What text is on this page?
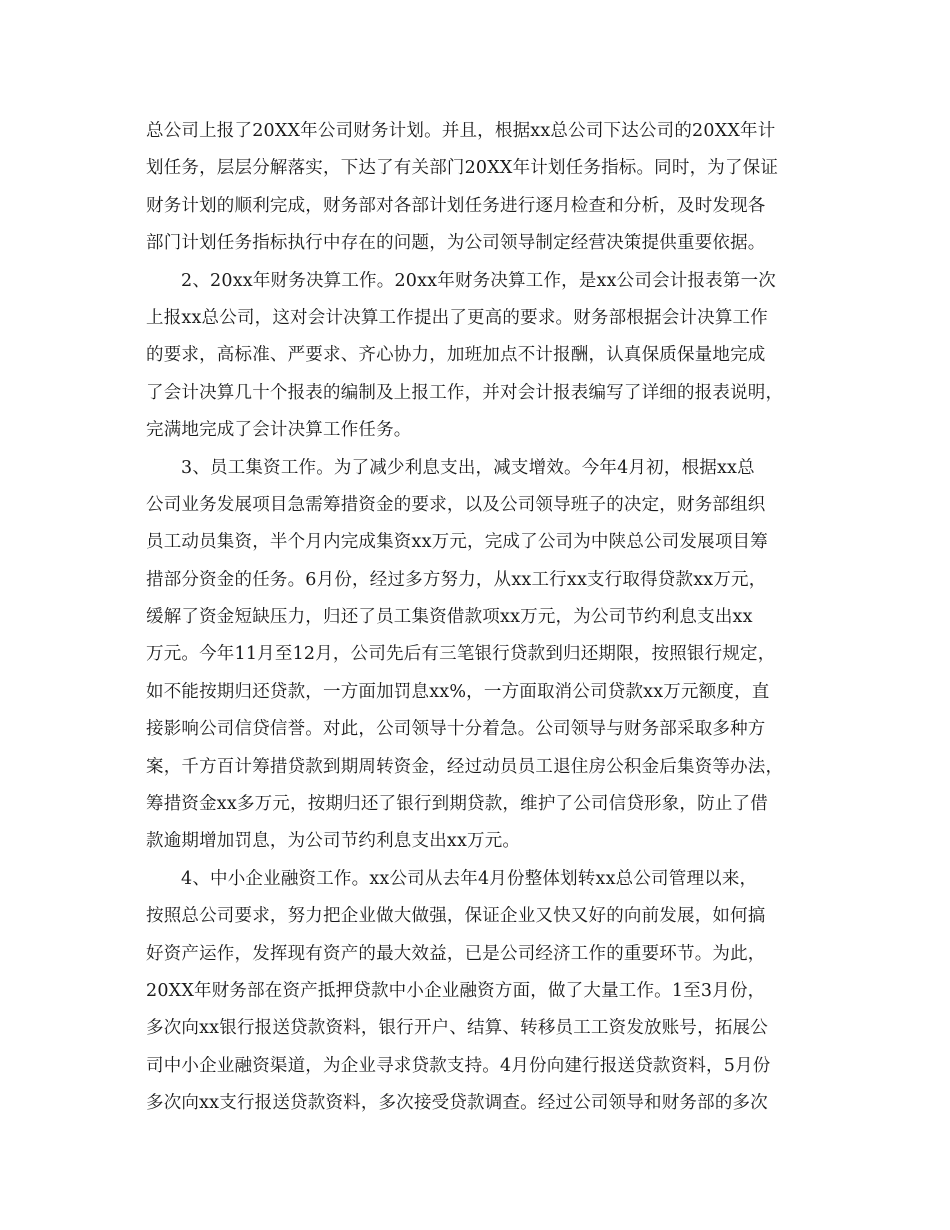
总公司上报了20XX年公司财务计划。并且，根据xx总公司下达公司的20XX年计
划任务，层层分解落实，下达了有关部门20XX年计划任务指标。同时，为了保证
财务计划的顺利完成，财务部对各部计划任务进行逐月检查和分析，及时发现各
部门计划任务指标执行中存在的问题，为公司领导制定经营决策提供重要依据。
2、20xx年财务决算工作。20xx年财务决算工作，是xx公司会计报表第一次
上报xx总公司，这对会计决算工作提出了更高的要求。财务部根据会计决算工作
的要求，高标准、严要求、齐心协力，加班加点不计报酬，认真保质保量地完成
了会计决算几十个报表的编制及上报工作，并对会计报表编写了详细的报表说明，
完满地完成了会计决算工作任务。
3、员工集资工作。为了减少利息支出，减支增效。今年4月初，根据xx总
公司业务发展项目急需筹措资金的要求，以及公司领导班子的决定，财务部组织
员工动员集资，半个月内完成集资xx万元，完成了公司为中陕总公司发展项目筹
措部分资金的任务。6月份，经过多方努力，从xx工行xx支行取得贷款xx万元，
缓解了资金短缺压力，归还了员工集资借款项xx万元，为公司节约利息支出xx
万元。今年11月至12月，公司先后有三笔银行贷款到归还期限，按照银行规定，
如不能按期归还贷款，一方面加罚息xx%，一方面取消公司贷款xx万元额度，直
接影响公司信贷信誉。对此，公司领导十分着急。公司领导与财务部采取多种方
案，千方百计筹措贷款到期周转资金，经过动员员工退住房公积金后集资等办法，
筹措资金xx多万元，按期归还了银行到期贷款，维护了公司信贷形象，防止了借
款逾期增加罚息，为公司节约利息支出xx万元。
4、中小企业融资工作。xx公司从去年4月份整体划转xx总公司管理以来，
按照总公司要求，努力把企业做大做强，保证企业又快又好的向前发展，如何搞
好资产运作，发挥现有资产的最大效益，已是公司经济工作的重要环节。为此，
20XX年财务部在资产抵押贷款中小企业融资方面，做了大量工作。1至3月份，
多次向xx银行报送贷款资料，银行开户、结算、转移员工工资发放账号，拓展公
司中小企业融资渠道，为企业寻求贷款支持。4月份向建行报送贷款资料，5月份
多次向xx支行报送贷款资料，多次接受贷款调查。经过公司领导和财务部的多次
